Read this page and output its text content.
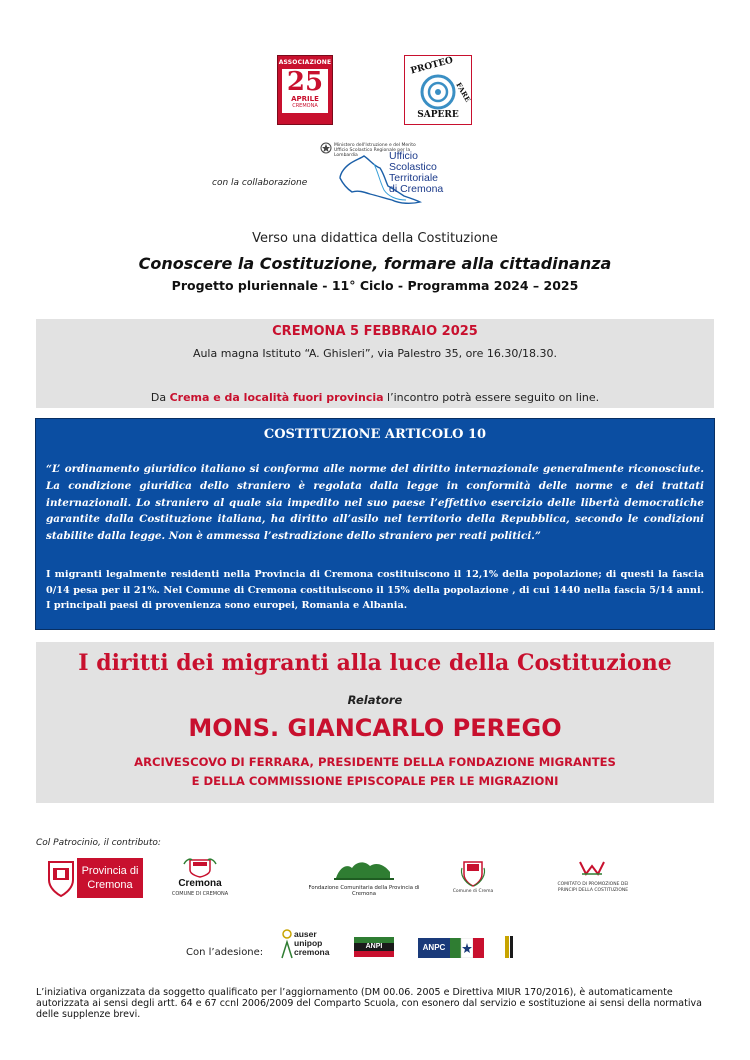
ASSOCIAZIONE
25
APRILE
CREMONA
PROTEO
FARE
SAPERE
Ministero dell'Istruzione e del Merito Ufficio Scolastico Regionale per la Lombardia	Ufficio
Scolastico
Territoriale
di Cremona
con la collaborazione
Verso una didattica della Costituzione
Conoscere la Costituzione, formare alla cittadinanza
Progetto pluriennale - 11° Ciclo - Programma 2024 – 2025
CREMONA 5 FEBBRAIO 2025
Aula magna Istituto “A. Ghisleri”, via Palestro 35, ore 16.30/18.30.
Da Crema e da località fuori provincia l’incontro potrà essere seguito on line.
COSTITUZIONE ARTICOLO 10
“L’ ordinamento giuridico italiano si conforma alle norme del diritto internazionale generalmente riconosciute. La condizione giuridica dello straniero è regolata dalla legge in conformità delle norme e dei trattati internazionali. Lo straniero al quale sia impedito nel suo paese l’effettivo esercizio delle libertà democratiche garantite dalla Costituzione italiana, ha diritto all’asilo nel territorio della Repubblica, secondo le condizioni stabilite dalla legge. Non è ammessa l’estradizione dello straniero per reati politici.”
I migranti legalmente residenti nella Provincia di Cremona costituiscono il 12,1% della popolazione; di questi la fascia 0/14 pesa per il 21%. Nel Comune di Cremona costituiscono il 15% della popolazione , di cui 1440 nella fascia 5/14 anni. I principali paesi di provenienza sono europei, Romania e Albania.
I diritti dei migranti alla luce della Costituzione
Relatore
MONS. GIANCARLO PEREGO
ARCIVESCOVO DI FERRARA, PRESIDENTE DELLA FONDAZIONE MIGRANTES
E DELLA COMMISSIONE EPISCOPALE PER LE MIGRAZIONI
Col Patrocinio, il contributo:
Provincia di Cremona	Cremona
COMUNE DI CREMONA
Fondazione Comunitaria della Provincia di Cremona	Comune di Crema
COMITATO DI PROMOZIONE DEI PRINCIPI DELLA COSTITUZIONE
Con l’adesione:
auser unipop cremona
ANPI	ANPC
L’iniziativa organizzata da soggetto qualificato per l’aggiornamento (DM 00.06. 2005 e Direttiva MIUR 170/2016), è automaticamente autorizzata ai sensi degli artt. 64 e 67 ccnl 2006/2009 del Comparto Scuola, con esonero dal servizio e sostituzione ai sensi della normativa delle supplenze brevi.
